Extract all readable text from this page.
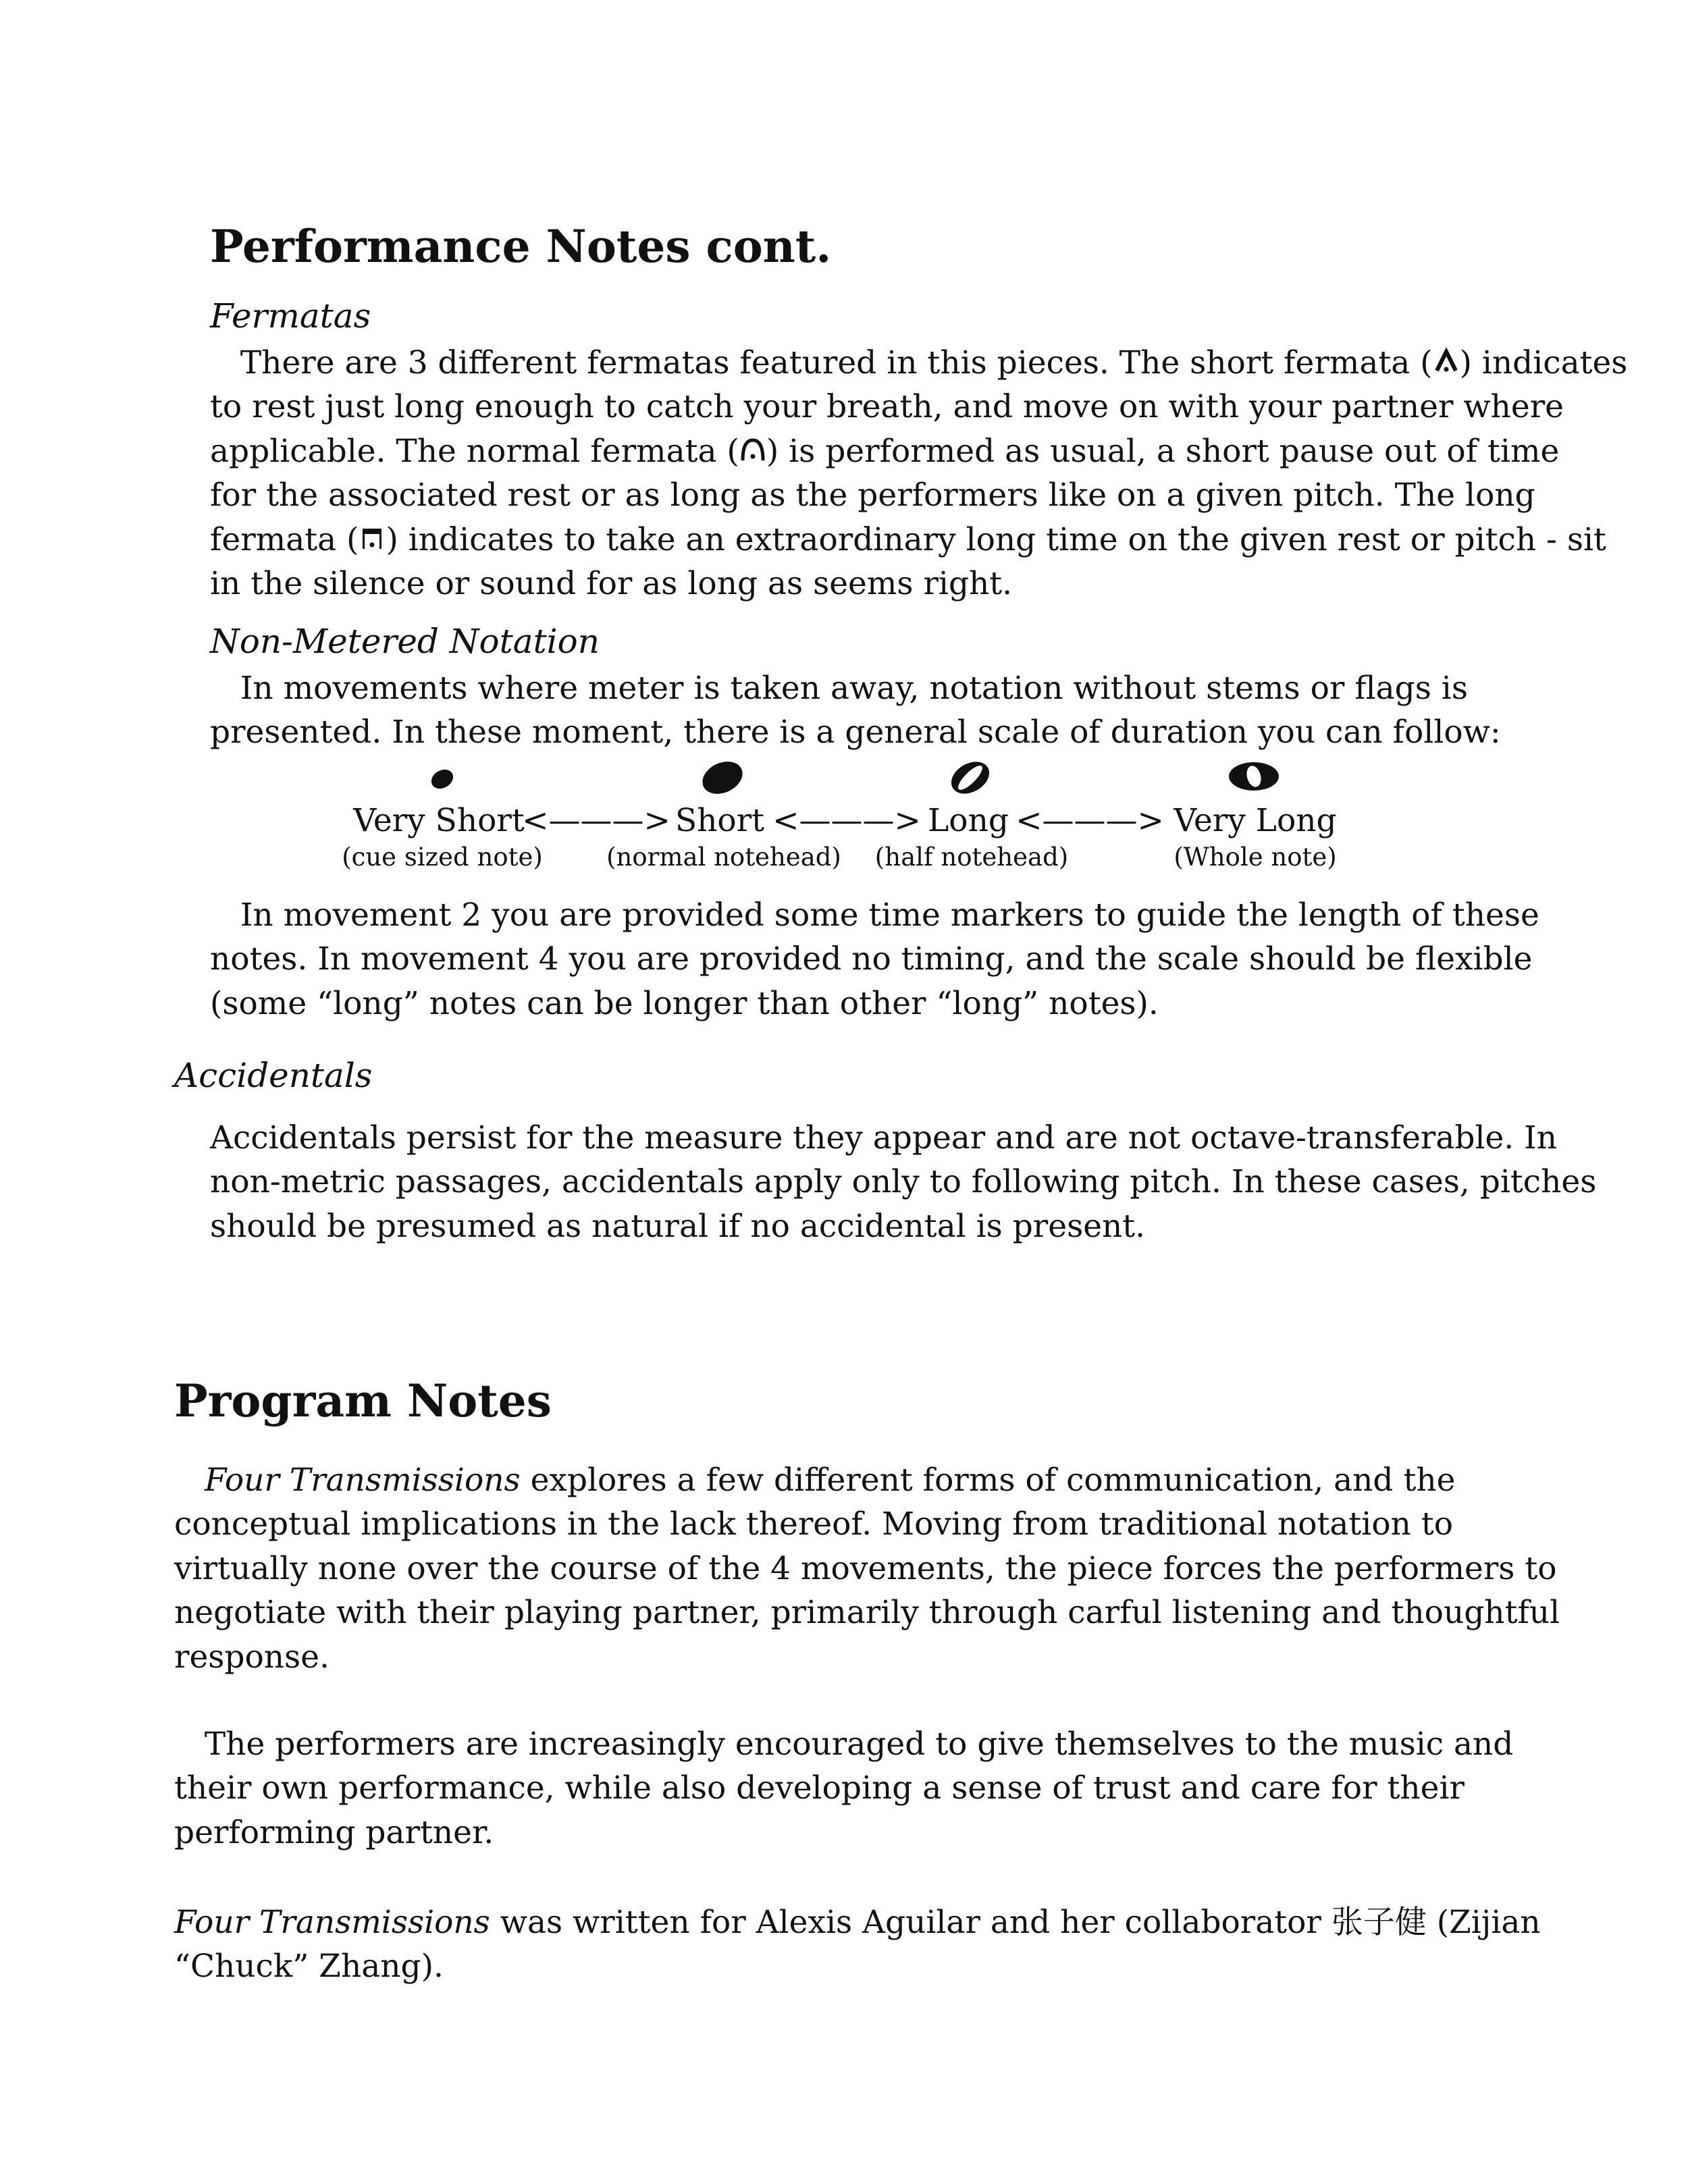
Performance Notes cont.
Fermatas
There are 3 different fermatas featured in this pieces. The short fermata ( ) indicates
to rest just long enough to catch your breath, and move on with your partner where
applicable. The normal fermata ( ) is performed as usual, a short pause out of time
for the associated rest or as long as the performers like on a given pitch. The long
fermata ( ) indicates to take an extraordinary long time on the given rest or pitch - sit
in the silence or sound for as long as seems right.
Non-Metered Notation
In movements where meter is taken away, notation without stems or flags is
presented. In these moment, there is a general scale of duration you can follow:
Very Short
<———> Short <———> Long <———> Very Long
(cue sized note)	(normal notehead) (half notehead)	(Whole note)
In movement 2 you are provided some time markers to guide the length of these
notes. In movement 4 you are provided no timing, and the scale should be flexible
(some “long” notes can be longer than other “long” notes).
Accidentals
Accidentals persist for the measure they appear and are not octave-transferable. In
non-metric passages, accidentals apply only to following pitch. In these cases, pitches
should be presumed as natural if no accidental is present.
Program Notes
Four Transmissions explores a few different forms of communication, and the
conceptual implications in the lack thereof. Moving from traditional notation to
virtually none over the course of the 4 movements, the piece forces the performers to
negotiate with their playing partner, primarily through carful listening and thoughtful
response.
The performers are increasingly encouraged to give themselves to the music and
their own performance, while also developing a sense of trust and care for their
performing partner.
Four Transmissions was written for Alexis Aguilar and her collaborator 张子健 (Zijian
“Chuck” Zhang).
